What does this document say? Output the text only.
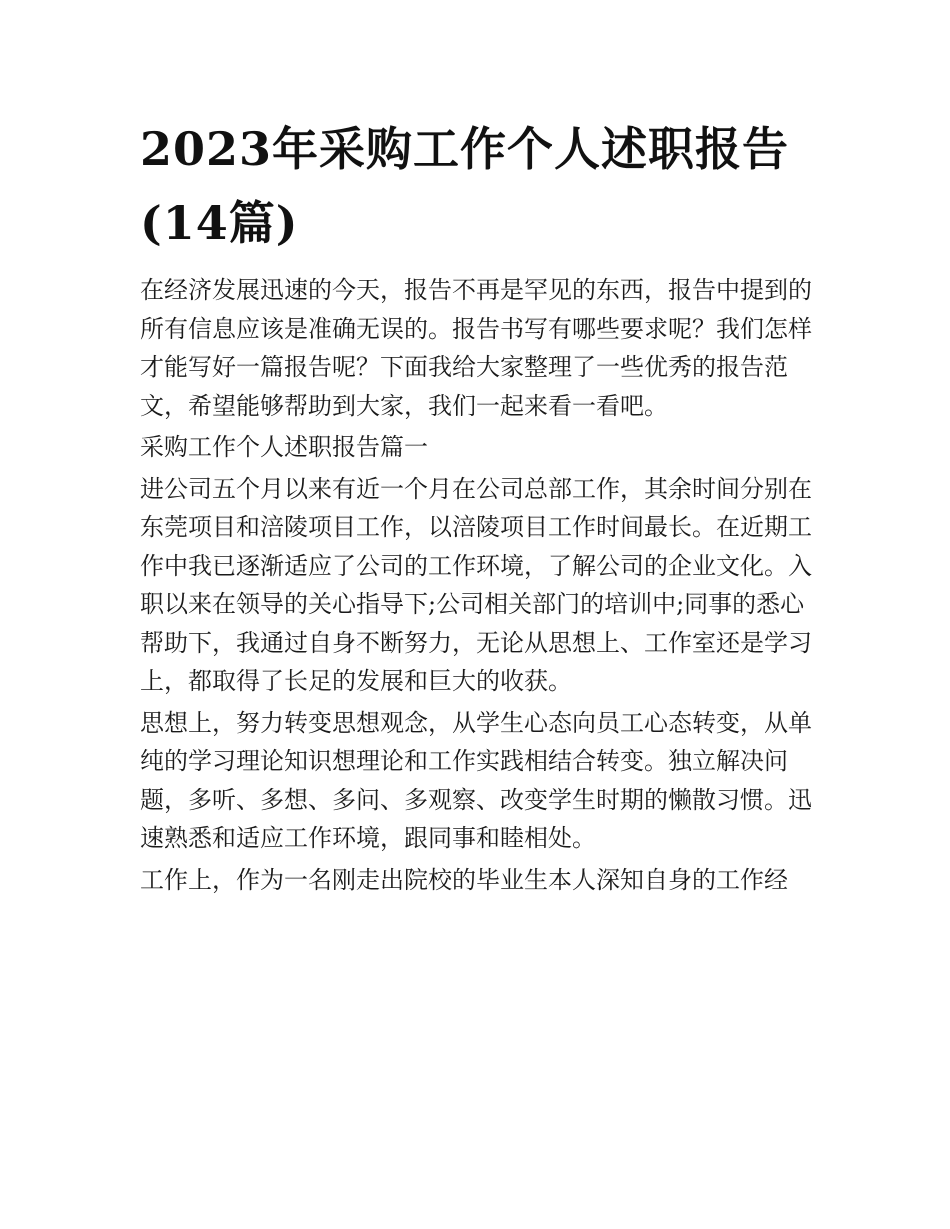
2023年采购工作个人述职报告(14篇)

在经济发展迅速的今天，报告不再是罕见的东西，报告中提到的所有信息应该是准确无误的。报告书写有哪些要求呢？我们怎样才能写好一篇报告呢？下面我给大家整理了一些优秀的报告范文，希望能够帮助到大家，我们一起来看一看吧。

采购工作个人述职报告篇一

进公司五个月以来有近一个月在公司总部工作，其余时间分别在东莞项目和涪陵项目工作，以涪陵项目工作时间最长。在近期工作中我已逐渐适应了公司的工作环境，了解公司的企业文化。入职以来在领导的关心指导下;公司相关部门的培训中;同事的悉心帮助下，我通过自身不断努力，无论从思想上、工作室还是学习上，都取得了长足的发展和巨大的收获。

思想上，努力转变思想观念，从学生心态向员工心态转变，从单纯的学习理论知识想理论和工作实践相结合转变。独立解决问题，多听、多想、多问、多观察、改变学生时期的懒散习惯。迅速熟悉和适应工作环境，跟同事和睦相处。

工作上，作为一名刚走出院校的毕业生本人深知自身的工作经
